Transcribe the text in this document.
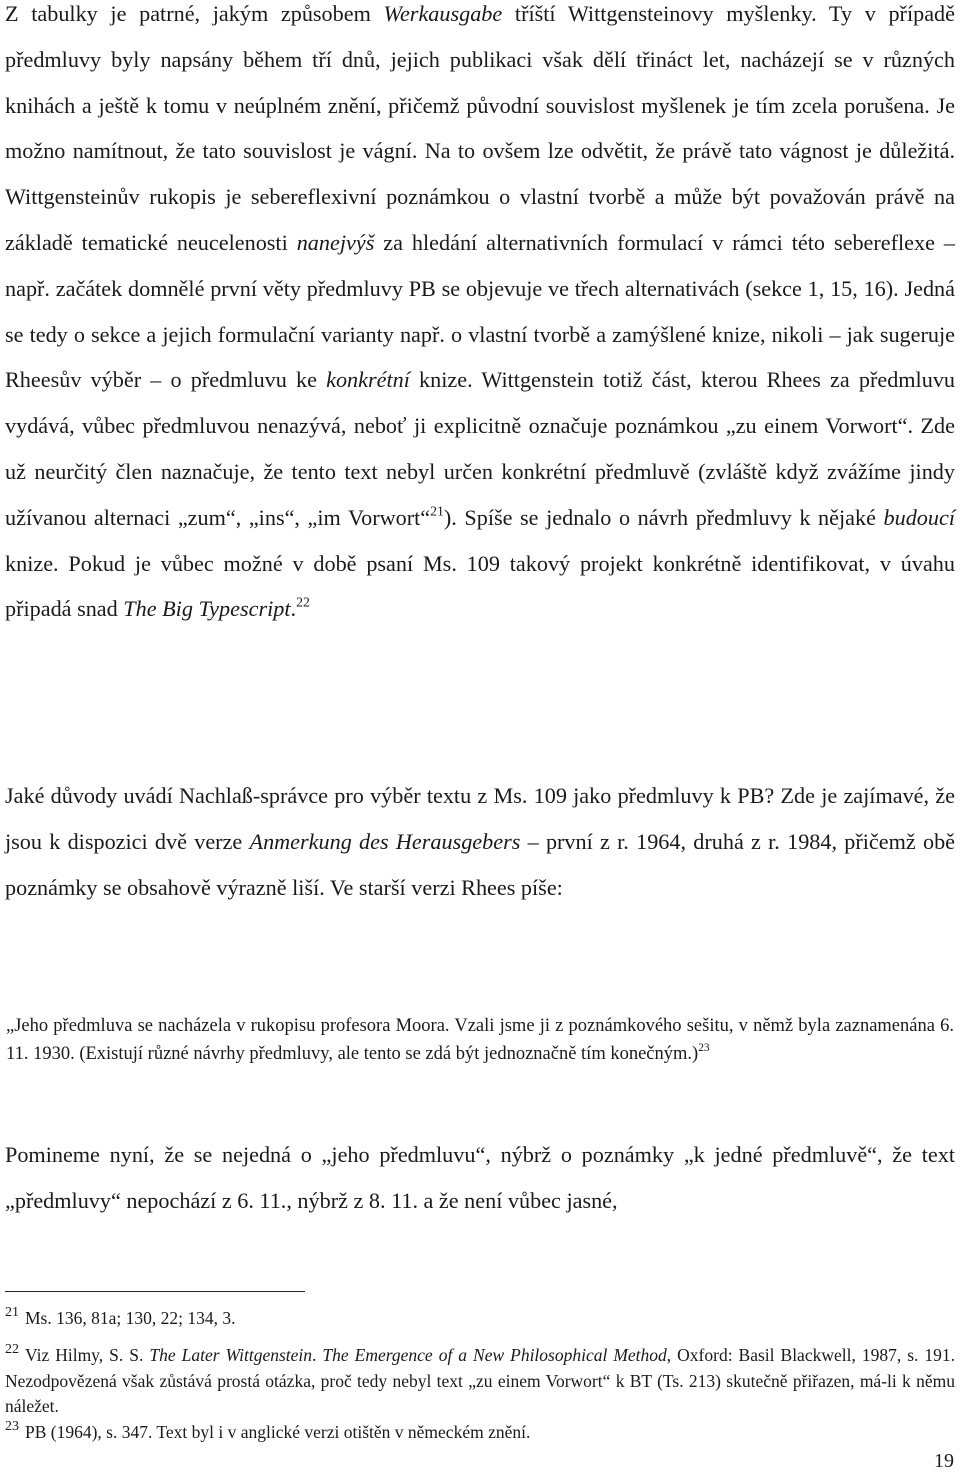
Z tabulky je patrné, jakým způsobem Werkausgabe tříští Wittgensteinovy myšlenky. Ty v případě předmluvy byly napsány během tří dnů, jejich publikaci však dělí třináct let, nacházejí se v různých knihách a ještě k tomu v neúplném znění, přičemž původní souvislost myšlenek je tím zcela porušena. Je možno namítnout, že tato souvislost je vágní. Na to ovšem lze odvětit, že právě tato vágnost je důležitá. Wittgensteinův rukopis je sebereflexivní poznámkou o vlastní tvorbě a může být považován právě na základě tematické neucelenosti nanejvýš za hledání alternativních formulací v rámci této sebereflexe – např. začátek domnělé první věty předmluvy PB se objevuje ve třech alternativách (sekce 1, 15, 16). Jedná se tedy o sekce a jejich formulační varianty např. o vlastní tvorbě a zamýšlené knize, nikoli – jak sugeruje Rheesův výběr – o předmluvu ke konkrétní knize. Wittgenstein totiž část, kterou Rhees za předmluvu vydává, vůbec předmluvou nenazývá, neboť ji explicitně označuje poznámkou „zu einem Vorwort“. Zde už neurčitý člen naznačuje, že tento text nebyl určen konkrétní předmluvě (zvláště když zvážíme jindy užívanou alternaci „zum“, „ins“, „im Vorwort“$^{21}$). Spíše se jednalo o návrh předmluvy k nějaké budoucí knize. Pokud je vůbec možné v době psaní Ms. 109 takový projekt konkrétně identifikovat, v úvahu připadá snad The Big Typescript.$^{22}$

Jaké důvody uvádí Nachlaß-správce pro výběr textu z Ms. 109 jako předmluvy k PB? Zde je zajímavé, že jsou k dispozici dvě verze Anmerkung des Herausgebers – první z r. 1964, druhá z r. 1984, přičemž obě poznámky se obsahově výrazně liší. Ve starší verzi Rhees píše:

„Jeho předmluva se nacházela v rukopisu profesora Moora. Vzali jsme ji z poznámkového sešitu, v němž byla zaznamenána 6. 11. 1930. (Existují různé návrhy předmluvy, ale tento se zdá být jednoznačně tím konečným.)$^{23}$

Pomineme nyní, že se nejedná o „jeho předmluvu“, nýbrž o poznámky „k jedné předmluvě“, že text „předmluvy“ nepochází z 6. 11., nýbrž z 8. 11. a že není vůbec jasné,

$^{21}$ Ms. 136, 81a; 130, 22; 134, 3.

$^{22}$ Viz Hilmy, S. S. The Later Wittgenstein. The Emergence of a New Philosophical Method, Oxford: Basil Blackwell, 1987, s. 191. Nezodpovězená však zůstává prostá otázka, proč tedy nebyl text „zu einem Vorwort“ k BT (Ts. 213) skutečně přiřazen, má-li k němu náležet.

$^{23}$ PB (1964), s. 347. Text byl i v anglické verzi otištěn v německém znění.

19
